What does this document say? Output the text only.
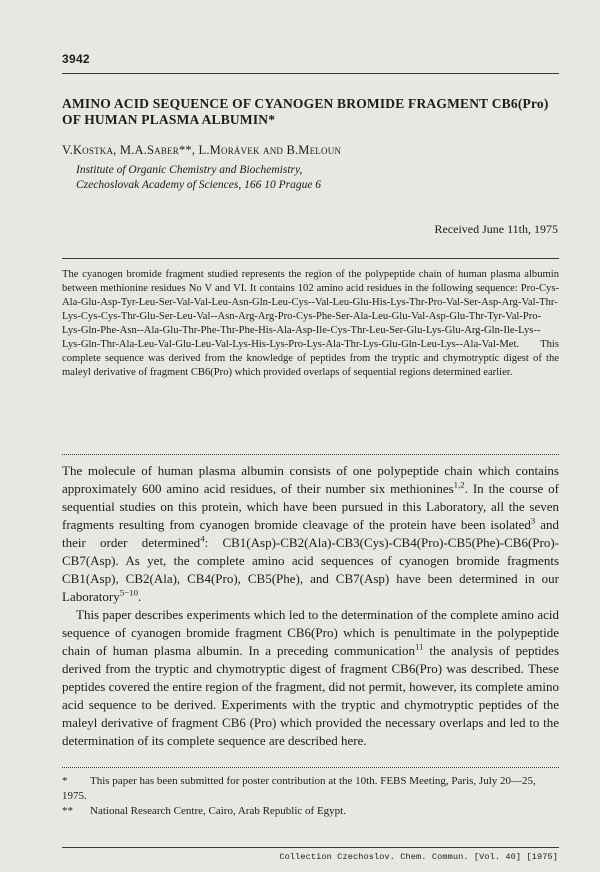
3942
AMINO ACID SEQUENCE OF CYANOGEN BROMIDE FRAGMENT CB6(Pro)
OF HUMAN PLASMA ALBUMIN*
V.Kostka, M.A.Saber**, L.Morávek and B.Meloun
Institute of Organic Chemistry and Biochemistry,
Czechoslovak Academy of Sciences, 166 10 Prague 6
Received June 11th, 1975

The cyanogen bromide fragment studied represents the region of the polypeptide chain of human plasma albumin between methionine residues No V and VI. It contains 102 amino acid residues in the following sequence: Pro-Cys-Ala-Glu-Asp-Tyr-Leu-Ser-Val-Val-Leu-Asn-Gln-Leu-Cys--Val-Leu-Glu-His-Lys-Thr-Pro-Val-Ser-Asp-Arg-Val-Thr-Lys-Cys-Cys-Thr-Glu-Ser-Leu-Val--Asn-Arg-Arg-Pro-Cys-Phe-Ser-Ala-Leu-Glu-Val-Asp-Glu-Thr-Tyr-Val-Pro-Lys-Gln-Phe-Asn--Ala-Glu-Thr-Phe-Thr-Phe-His-Ala-Asp-Ile-Cys-Thr-Leu-Ser-Glu-Lys-Glu-Arg-Gln-Ile-Lys--Lys-Gln-Thr-Ala-Leu-Val-Glu-Leu-Val-Lys-His-Lys-Pro-Lys-Ala-Thr-Lys-Glu-Gln-Leu-Lys--Ala-Val-Met. This complete sequence was derived from the knowledge of peptides from the tryptic and chymotryptic digest of the maleyl derivative of fragment CB6(Pro) which provided overlaps of sequential regions determined earlier.

The molecule of human plasma albumin consists of one polypeptide chain which contains approximately 600 amino acid residues, of their number six methionines$^{1,2}$. In the course of sequential studies on this protein, which have been pursued in this Laboratory, all the seven fragments resulting from cyanogen bromide cleavage of the protein have been isolated$^3$ and their order determined$^4$: CB1(Asp)-CB2(Ala)-CB3(Cys)-CB4(Pro)-CB5(Phe)-CB6(Pro)-CB7(Asp). As yet, the complete amino acid sequences of cyanogen bromide fragments CB1(Asp), CB2(Ala), CB4(Pro), CB5(Phe), and CB7(Asp) have been determined in our Laboratory$^{5-10}$.

This paper describes experiments which led to the determination of the complete amino acid sequence of cyanogen bromide fragment CB6(Pro) which is penultimate in the polypeptide chain of human plasma albumin. In a preceding communication$^{11}$ the analysis of peptides derived from the tryptic and chymotryptic digest of fragment CB6(Pro) was described. These peptides covered the entire region of the fragment, did not permit, however, its complete amino acid sequence to be derived. Experiments with the tryptic and chymotryptic peptides of the maleyl derivative of fragment CB6 (Pro) which provided the necessary overlaps and led to the determination of its complete sequence are described here.

* This paper has been submitted for poster contribution at the 10th. FEBS Meeting, Paris, July 20—25, 1975.
** National Research Centre, Cairo, Arab Republic of Egypt.
Collection Czechoslov. Chem. Commun. [Vol. 40] [1975]
